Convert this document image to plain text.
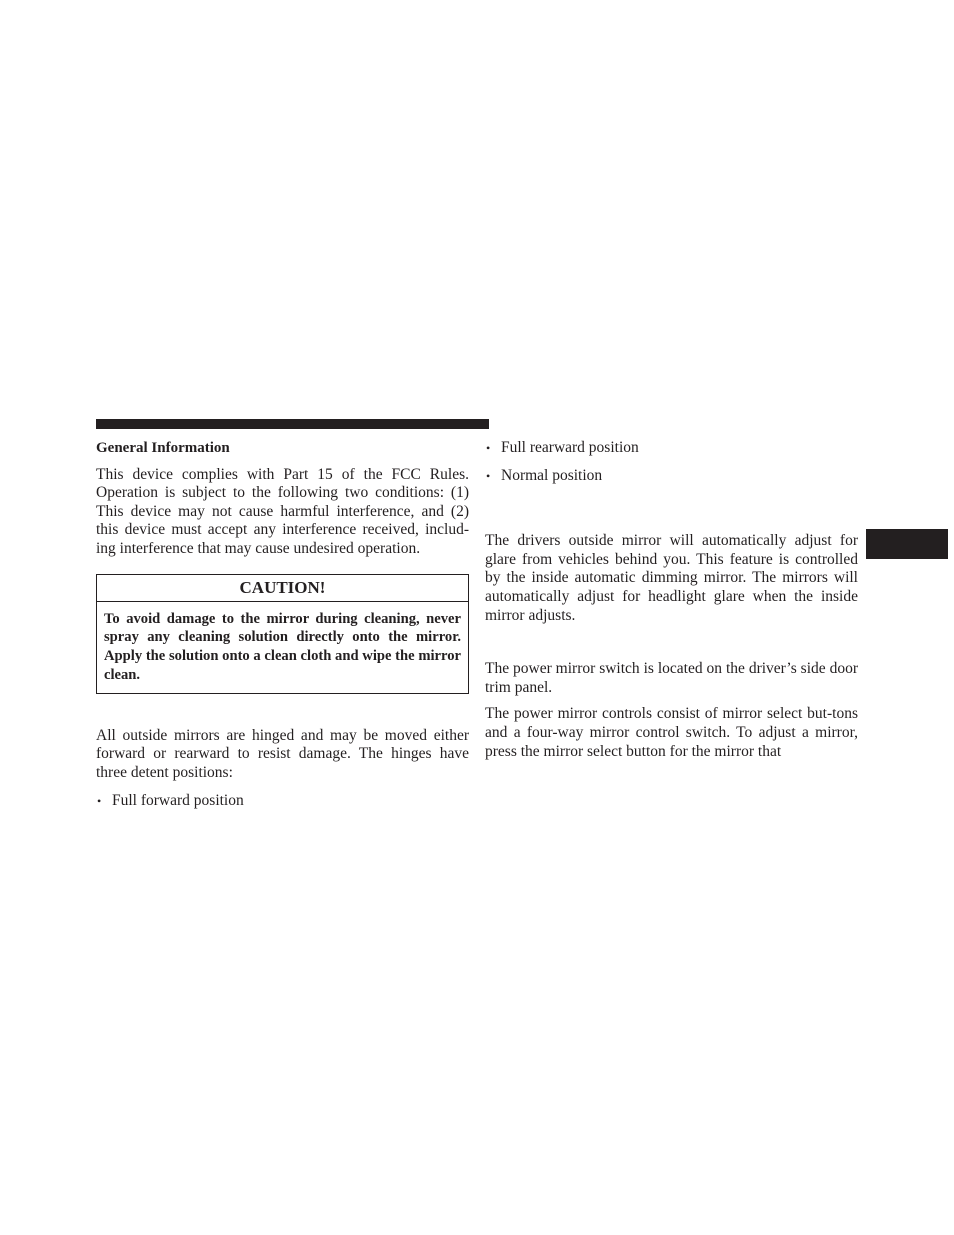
General Information

This device complies with Part 15 of the FCC Rules. Operation is subject to the following two conditions: (1) This device may not cause harmful interference, and (2) this device must accept any interference received, includ-ing interference that may cause undesired operation.

CAUTION!
To avoid damage to the mirror during cleaning, never spray any cleaning solution directly onto the mirror. Apply the solution onto a clean cloth and wipe the mirror clean.

All outside mirrors are hinged and may be moved either forward or rearward to resist damage. The hinges have three detent positions:

• Full forward position
• Full rearward position
• Normal position

The drivers outside mirror will automatically adjust for glare from vehicles behind you. This feature is controlled by the inside automatic dimming mirror. The mirrors will automatically adjust for headlight glare when the inside mirror adjusts.

The power mirror switch is located on the driver’s side door trim panel.

The power mirror controls consist of mirror select but-tons and a four-way mirror control switch. To adjust a mirror, press the mirror select button for the mirror that
